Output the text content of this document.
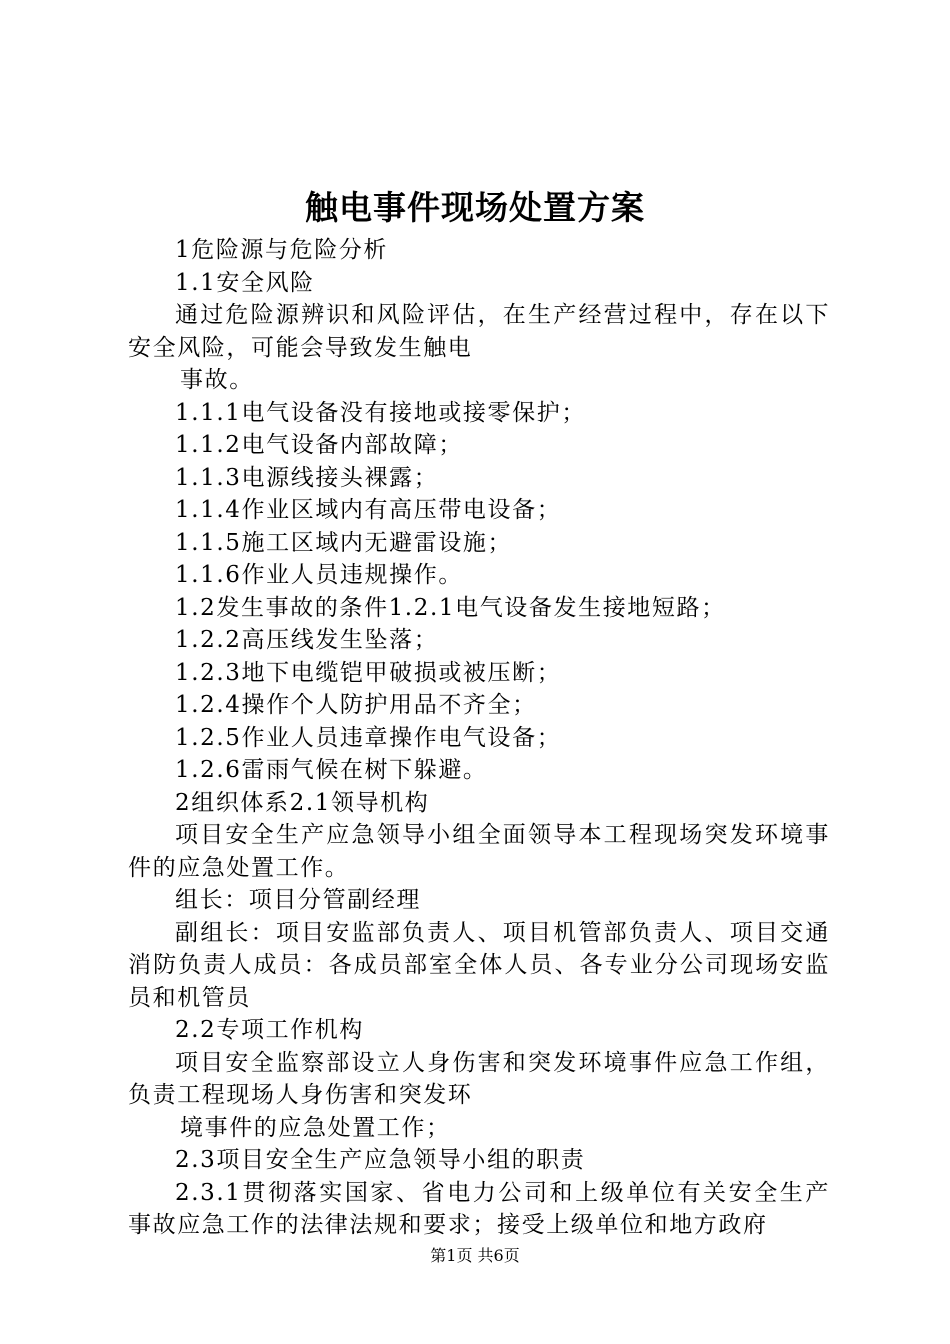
触电事件现场处置方案

1危险源与危险分析

1.1安全风险

通过危险源辨识和风险评估，在生产经营过程中，存在以下安全风险，可能会导致发生触电

事故。

1.1.1电气设备没有接地或接零保护；

1.1.2电气设备内部故障；

1.1.3电源线接头裸露；

1.1.4作业区域内有高压带电设备；

1.1.5施工区域内无避雷设施；

1.1.6作业人员违规操作。

1.2发生事故的条件1.2.1电气设备发生接地短路；

1.2.2高压线发生坠落；

1.2.3地下电缆铠甲破损或被压断；

1.2.4操作个人防护用品不齐全；

1.2.5作业人员违章操作电气设备；

1.2.6雷雨气候在树下躲避。

2组织体系2.1领导机构

项目安全生产应急领导小组全面领导本工程现场突发环境事件的应急处置工作。

组长：项目分管副经理

副组长：项目安监部负责人、项目机管部负责人、项目交通消防负责人成员：各成员部室全体人员、各专业分公司现场安监员和机管员

2.2专项工作机构

项目安全监察部设立人身伤害和突发环境事件应急工作组，负责工程现场人身伤害和突发环

境事件的应急处置工作；

2.3项目安全生产应急领导小组的职责

2.3.1贯彻落实国家、省电力公司和上级单位有关安全生产事故应急工作的法律法规和要求；接受上级单位和地方政府

第1页 共6页
